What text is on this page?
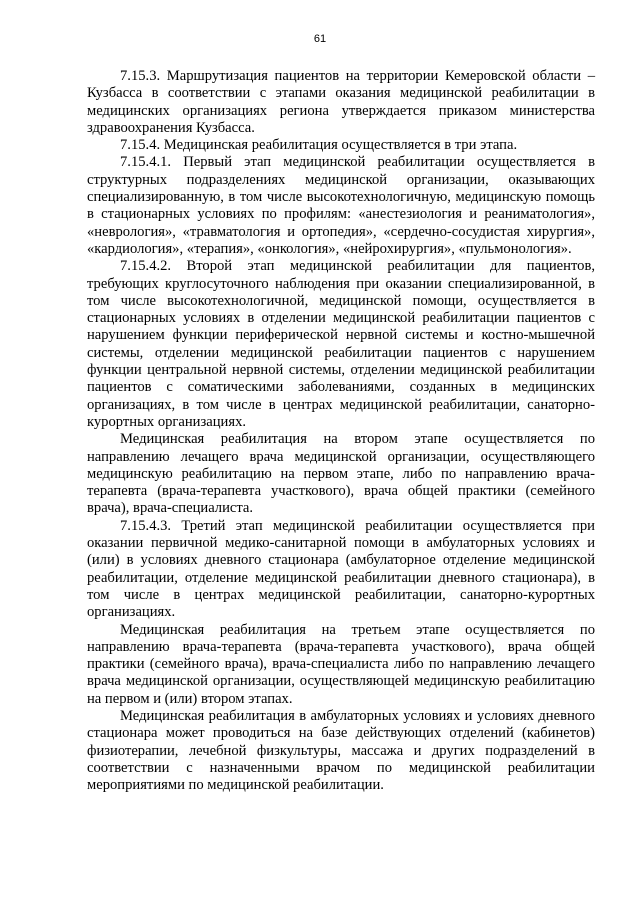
61

7.15.3. Маршрутизация пациентов на территории Кемеровской области – Кузбасса в соответствии с этапами оказания медицинской реабилитации в медицинских организациях региона утверждается приказом министерства здравоохранения Кузбасса.

7.15.4. Медицинская реабилитация осуществляется в три этапа.

7.15.4.1. Первый этап медицинской реабилитации осуществляется в структурных подразделениях медицинской организации, оказывающих специализированную, в том числе высокотехнологичную, медицинскую помощь в стационарных условиях по профилям: «анестезиология и реаниматология», «неврология», «травматология и ортопедия», «сердечно-сосудистая хирургия», «кардиология», «терапия», «онкология», «нейрохирургия», «пульмонология».

7.15.4.2. Второй этап медицинской реабилитации для пациентов, требующих круглосуточного наблюдения при оказании специализированной, в том числе высокотехнологичной, медицинской помощи, осуществляется в стационарных условиях в отделении медицинской реабилитации пациентов с нарушением функции периферической нервной системы и костно-мышечной системы, отделении медицинской реабилитации пациентов с нарушением функции центральной нервной системы, отделении медицинской реабилитации пациентов с соматическими заболеваниями, созданных в медицинских организациях, в том числе в центрах медицинской реабилитации, санаторно-курортных организациях.

Медицинская реабилитация на втором этапе осуществляется по направлению лечащего врача медицинской организации, осуществляющего медицинскую реабилитацию на первом этапе, либо по направлению врача-терапевта (врача-терапевта участкового), врача общей практики (семейного врача), врача-специалиста.

7.15.4.3. Третий этап медицинской реабилитации осуществляется при оказании первичной медико-санитарной помощи в амбулаторных условиях и (или) в условиях дневного стационара (амбулаторное отделение медицинской реабилитации, отделение медицинской реабилитации дневного стационара), в том числе в центрах медицинской реабилитации, санаторно-курортных организациях.

Медицинская реабилитация на третьем этапе осуществляется по направлению врача-терапевта (врача-терапевта участкового), врача общей практики (семейного врача), врача-специалиста либо по направлению лечащего врача медицинской организации, осуществляющей медицинскую реабилитацию на первом и (или) втором этапах.

Медицинская реабилитация в амбулаторных условиях и условиях дневного стационара может проводиться на базе действующих отделений (кабинетов) физиотерапии, лечебной физкультуры, массажа и других подразделений в соответствии с назначенными врачом по медицинской реабилитации мероприятиями по медицинской реабилитации.
